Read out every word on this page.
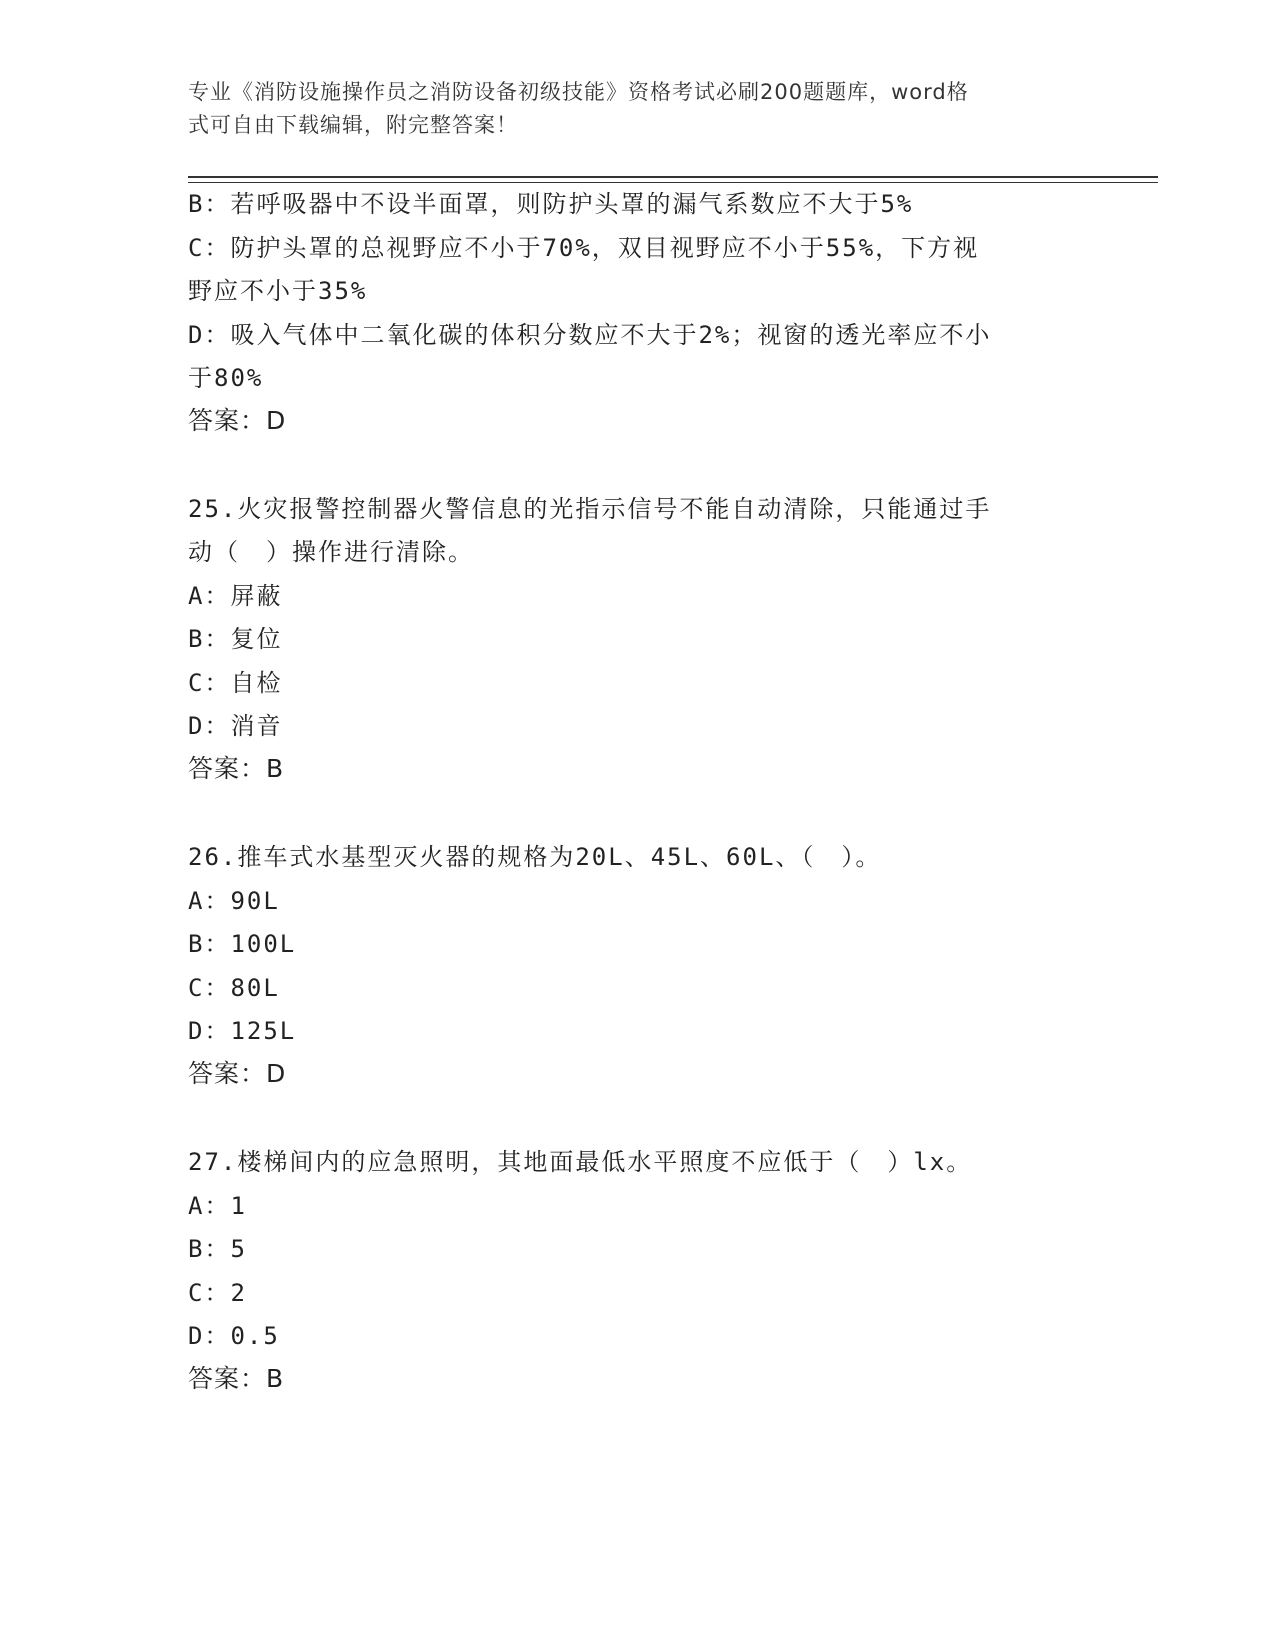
专业《消防设施操作员之消防设备初级技能》资格考试必刷200题题库，word格
式可自由下载编辑，附完整答案！
B：若呼吸器中不设半面罩，则防护头罩的漏气系数应不大于5%
C：防护头罩的总视野应不小于70%，双目视野应不小于55%，下方视
野应不小于35%
D：吸入气体中二氧化碳的体积分数应不大于2%；视窗的透光率应不小
于80%
答案：D
25.火灾报警控制器火警信息的光指示信号不能自动清除，只能通过手
动（　）操作进行清除。
A：屏蔽
B：复位
C：自检
D：消音
答案：B
26.推车式水基型灭火器的规格为20L、45L、60L、（　）。
A：90L
B：100L
C：80L
D：125L
答案：D
27.楼梯间内的应急照明，其地面最低水平照度不应低于（　）lx。
A：1
B：5
C：2
D：0.5
答案：B
